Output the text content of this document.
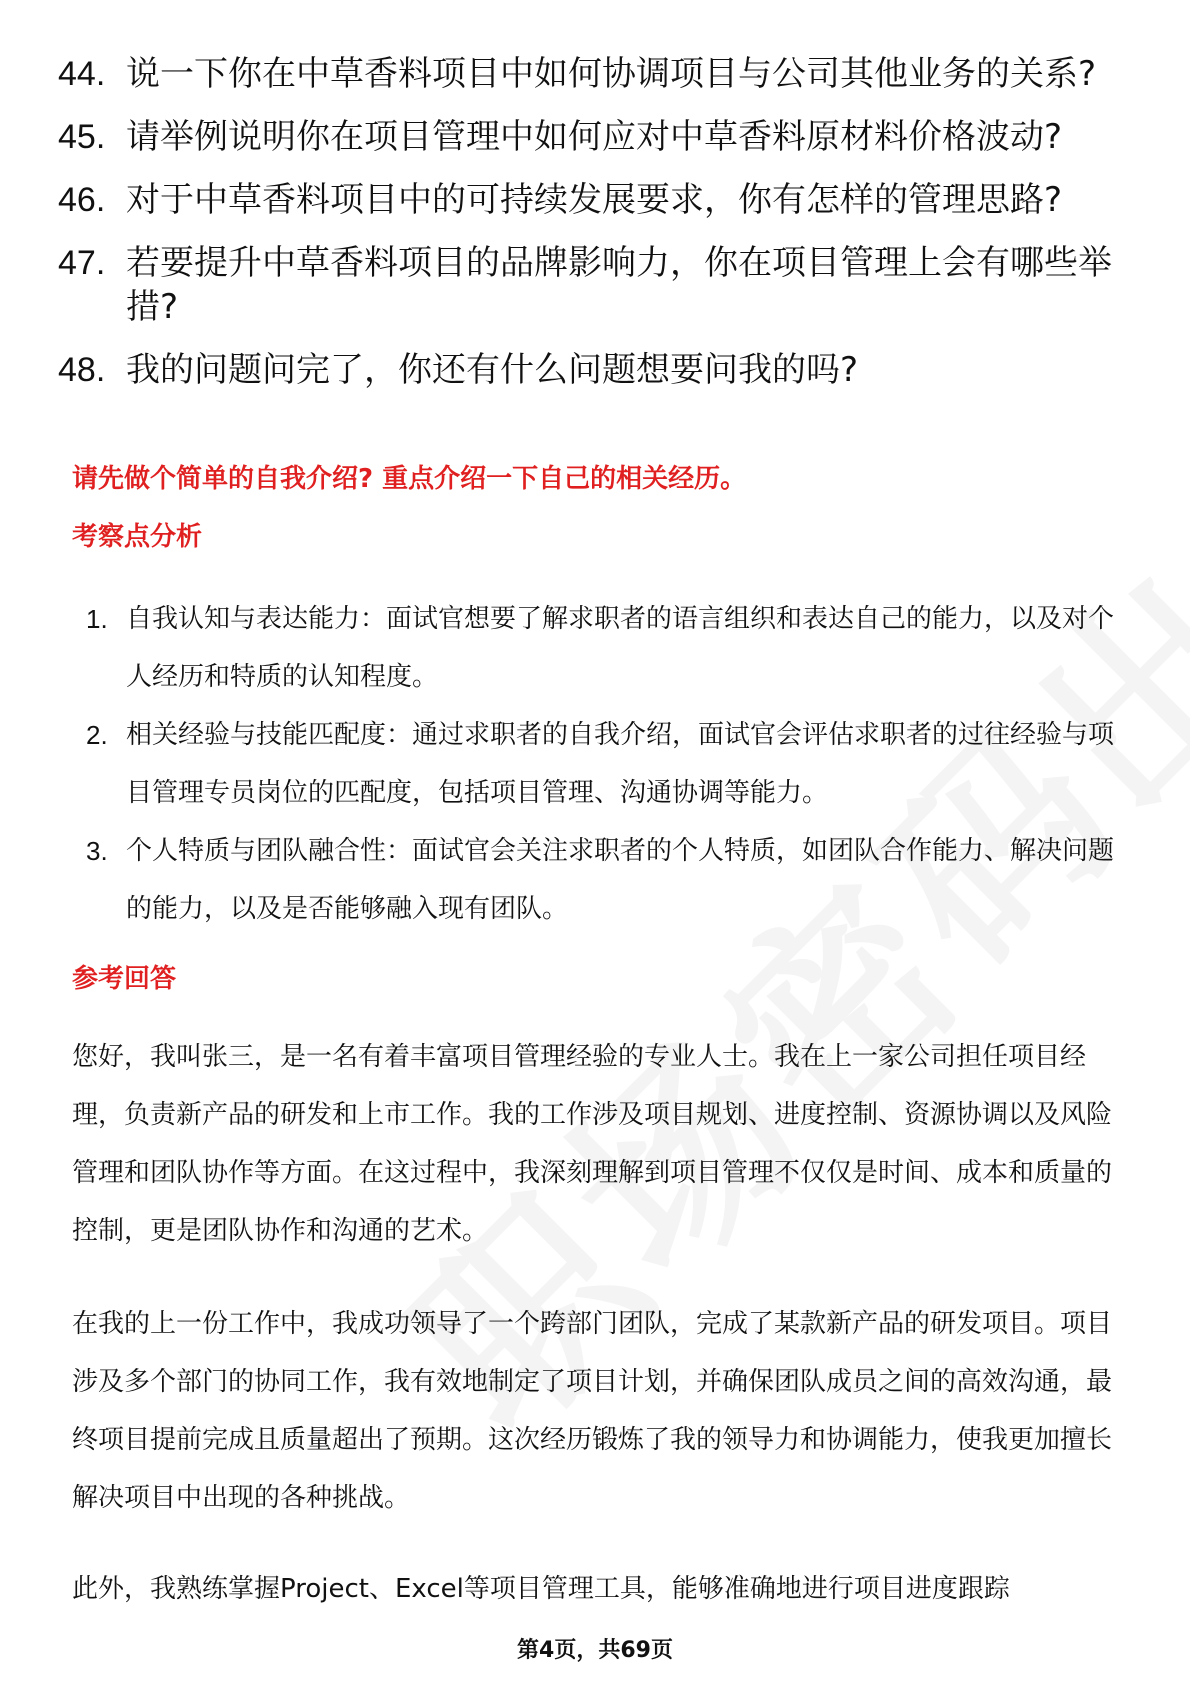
44. 说一下你在中草香料项目中如何协调项目与公司其他业务的关系?
45. 请举例说明你在项目管理中如何应对中草香料原材料价格波动?
46. 对于中草香料项目中的可持续发展要求，你有怎样的管理思路?
47. 若要提升中草香料项目的品牌影响力，你在项目管理上会有哪些举措?
48. 我的问题问完了，你还有什么问题想要问我的吗?
请先做个简单的自我介绍? 重点介绍一下自己的相关经历。
考察点分析
1. 自我认知与表达能力：面试官想要了解求职者的语言组织和表达自己的能力，以及对个人经历和特质的认知程度。
2. 相关经验与技能匹配度：通过求职者的自我介绍，面试官会评估求职者的过往经验与项目管理专员岗位的匹配度，包括项目管理、沟通协调等能力。
3. 个人特质与团队融合性：面试官会关注求职者的个人特质，如团队合作能力、解决问题的能力，以及是否能够融入现有团队。
参考回答

您好，我叫张三，是一名有着丰富项目管理经验的专业人士。我在上一家公司担任项目经理，负责新产品的研发和上市工作。我的工作涉及项目规划、进度控制、资源协调以及风险管理和团队协作等方面。在这过程中，我深刻理解到项目管理不仅仅是时间、成本和质量的控制，更是团队协作和沟通的艺术。

在我的上一份工作中，我成功领导了一个跨部门团队，完成了某款新产品的研发项目。项目涉及多个部门的协同工作，我有效地制定了项目计划，并确保团队成员之间的高效沟通，最终项目提前完成且质量超出了预期。这次经历锻炼了我的领导力和协调能力，使我更加擅长解决项目中出现的各种挑战。

此外，我熟练掌握Project、Excel等项目管理工具，能够准确地进行项目进度跟踪

第4页，共69页
